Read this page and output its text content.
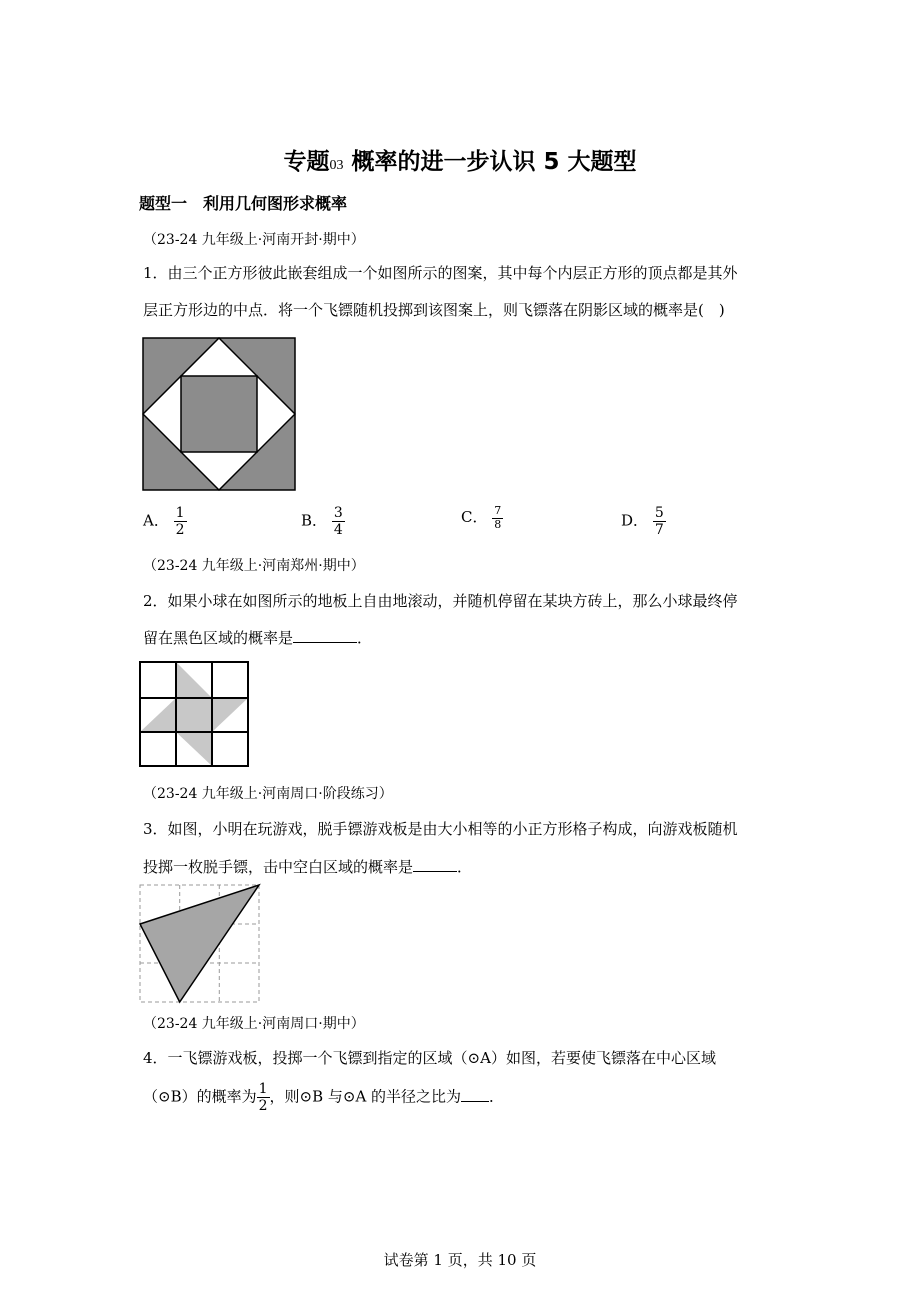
专题03 概率的进一步认识 5 大题型
题型一　利用几何图形求概率
（23-24 九年级上·河南开封·期中）
1．由三个正方形彼此嵌套组成一个如图所示的图案，其中每个内层正方形的顶点都是其外
层正方形边的中点．将一个飞镖随机投掷到该图案上，则飞镖落在阴影区域的概率是(　)
A． $\frac{1}{2}$	B． $\frac{3}{4}$	C． $\frac{7}{8}$	D． $\frac{5}{7}$
（23-24 九年级上·河南郑州·期中）
2．如果小球在如图所示的地板上自由地滚动，并随机停留在某块方砖上，那么小球最终停
留在黑色区域的概率是	．
（23-24 九年级上·河南周口·阶段练习）
3．如图，小明在玩游戏，脱手镖游戏板是由大小相等的小正方形格子构成，向游戏板随机
投掷一枚脱手镖，击中空白区域的概率是	．
（23-24 九年级上·河南周口·期中）
4．一飞镖游戏板，投掷一个飞镖到指定的区域（⊙A）如图，若要使飞镖落在中心区域
（⊙B）的概率为 $\frac{1}{2}$ ，则⊙B 与⊙A 的半径之比为 ．
试卷第 1 页，共 10 页
